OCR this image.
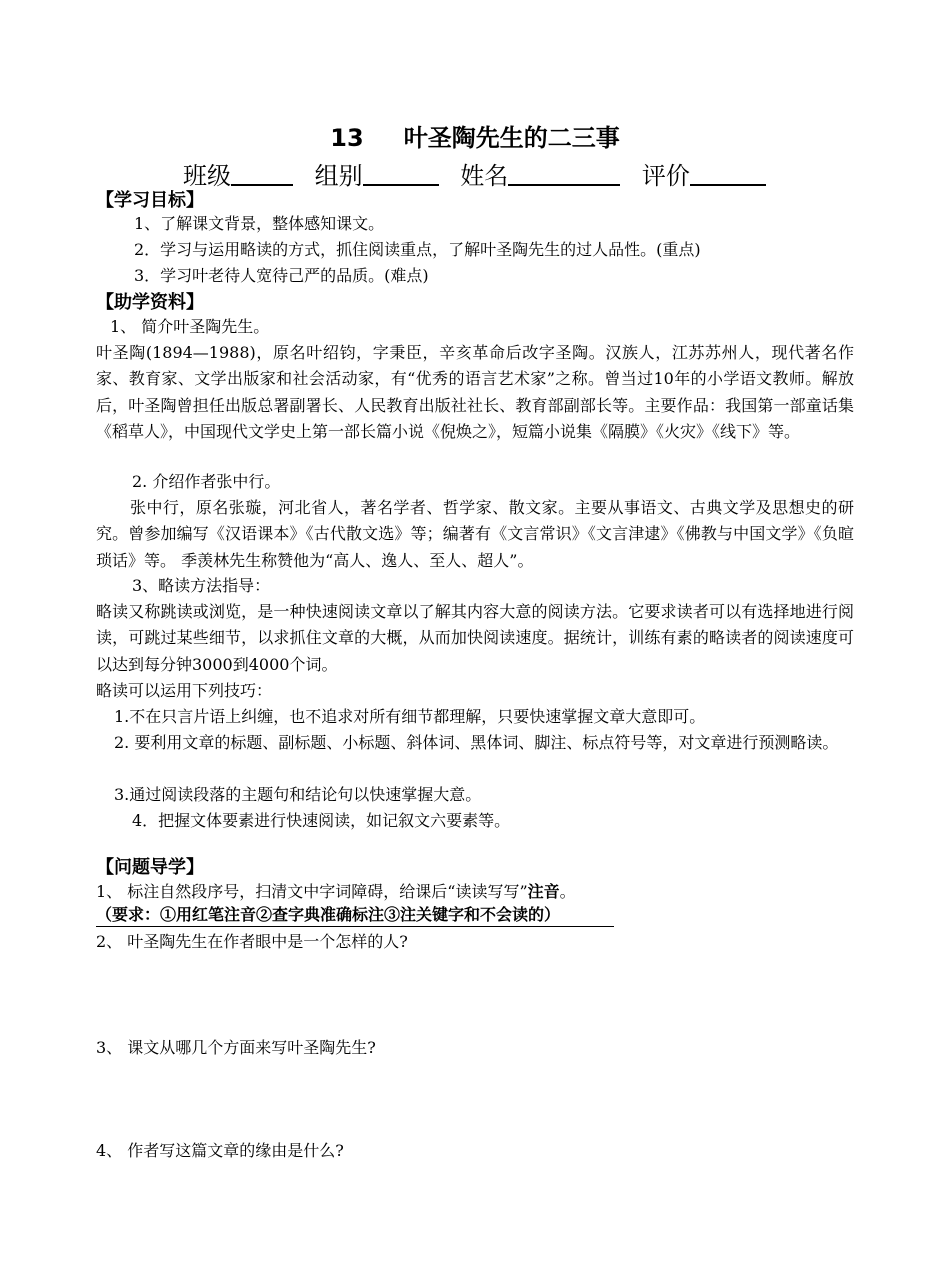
13 叶圣陶先生的二三事
班级	组别	姓名	评价
【学习目标】
1、了解课文背景，整体感知课文。
2．学习与运用略读的方式，抓住阅读重点，了解叶圣陶先生的过人品性。(重点)
3．学习叶老待人宽待己严的品质。(难点)
【助学资料】
1、 简介叶圣陶先生。
叶圣陶(1894—1988)，原名叶绍钧，字秉臣，辛亥革命后改字圣陶。汉族人，江苏苏州人，现代著名作家、教育家、文学出版家和社会活动家，有“优秀的语言艺术家”之称。曾当过10年的小学语文教师。解放后，叶圣陶曾担任出版总署副署长、人民教育出版社社长、教育部副部长等。主要作品：我国第一部童话集《稻草人》，中国现代文学史上第一部长篇小说《倪焕之》，短篇小说集《隔膜》《火灾》《线下》等。
2. 介绍作者张中行。
张中行，原名张璇，河北省人，著名学者、哲学家、散文家。主要从事语文、古典文学及思想史的研究。曾参加编写《汉语课本》《古代散文选》等；编著有《文言常识》《文言津逮》《佛教与中国文学》《负暄琐话》等。 季羡林先生称赞他为“高人、逸人、至人、超人”。
3、略读方法指导：
略读又称跳读或浏览，是一种快速阅读文章以了解其内容大意的阅读方法。它要求读者可以有选择地进行阅读，可跳过某些细节，以求抓住文章的大概，从而加快阅读速度。据统计，训练有素的略读者的阅读速度可以达到每分钟3000到4000个词。
略读可以运用下列技巧：
1.不在只言片语上纠缠，也不追求对所有细节都理解，只要快速掌握文章大意即可。
2. 要利用文章的标题、副标题、小标题、斜体词、黑体词、脚注、标点符号等，对文章进行预测略读。
3.通过阅读段落的主题句和结论句以快速掌握大意。
4．把握文体要素进行快速阅读，如记叙文六要素等。
【问题导学】
1、 标注自然段序号，扫清文中字词障碍，给课后“读读写写”注音。
（要求：①用红笔注音②查字典准确标注③注关键字和不会读的）
2、 叶圣陶先生在作者眼中是一个怎样的人?
3、 课文从哪几个方面来写叶圣陶先生?
4、 作者写这篇文章的缘由是什么?
